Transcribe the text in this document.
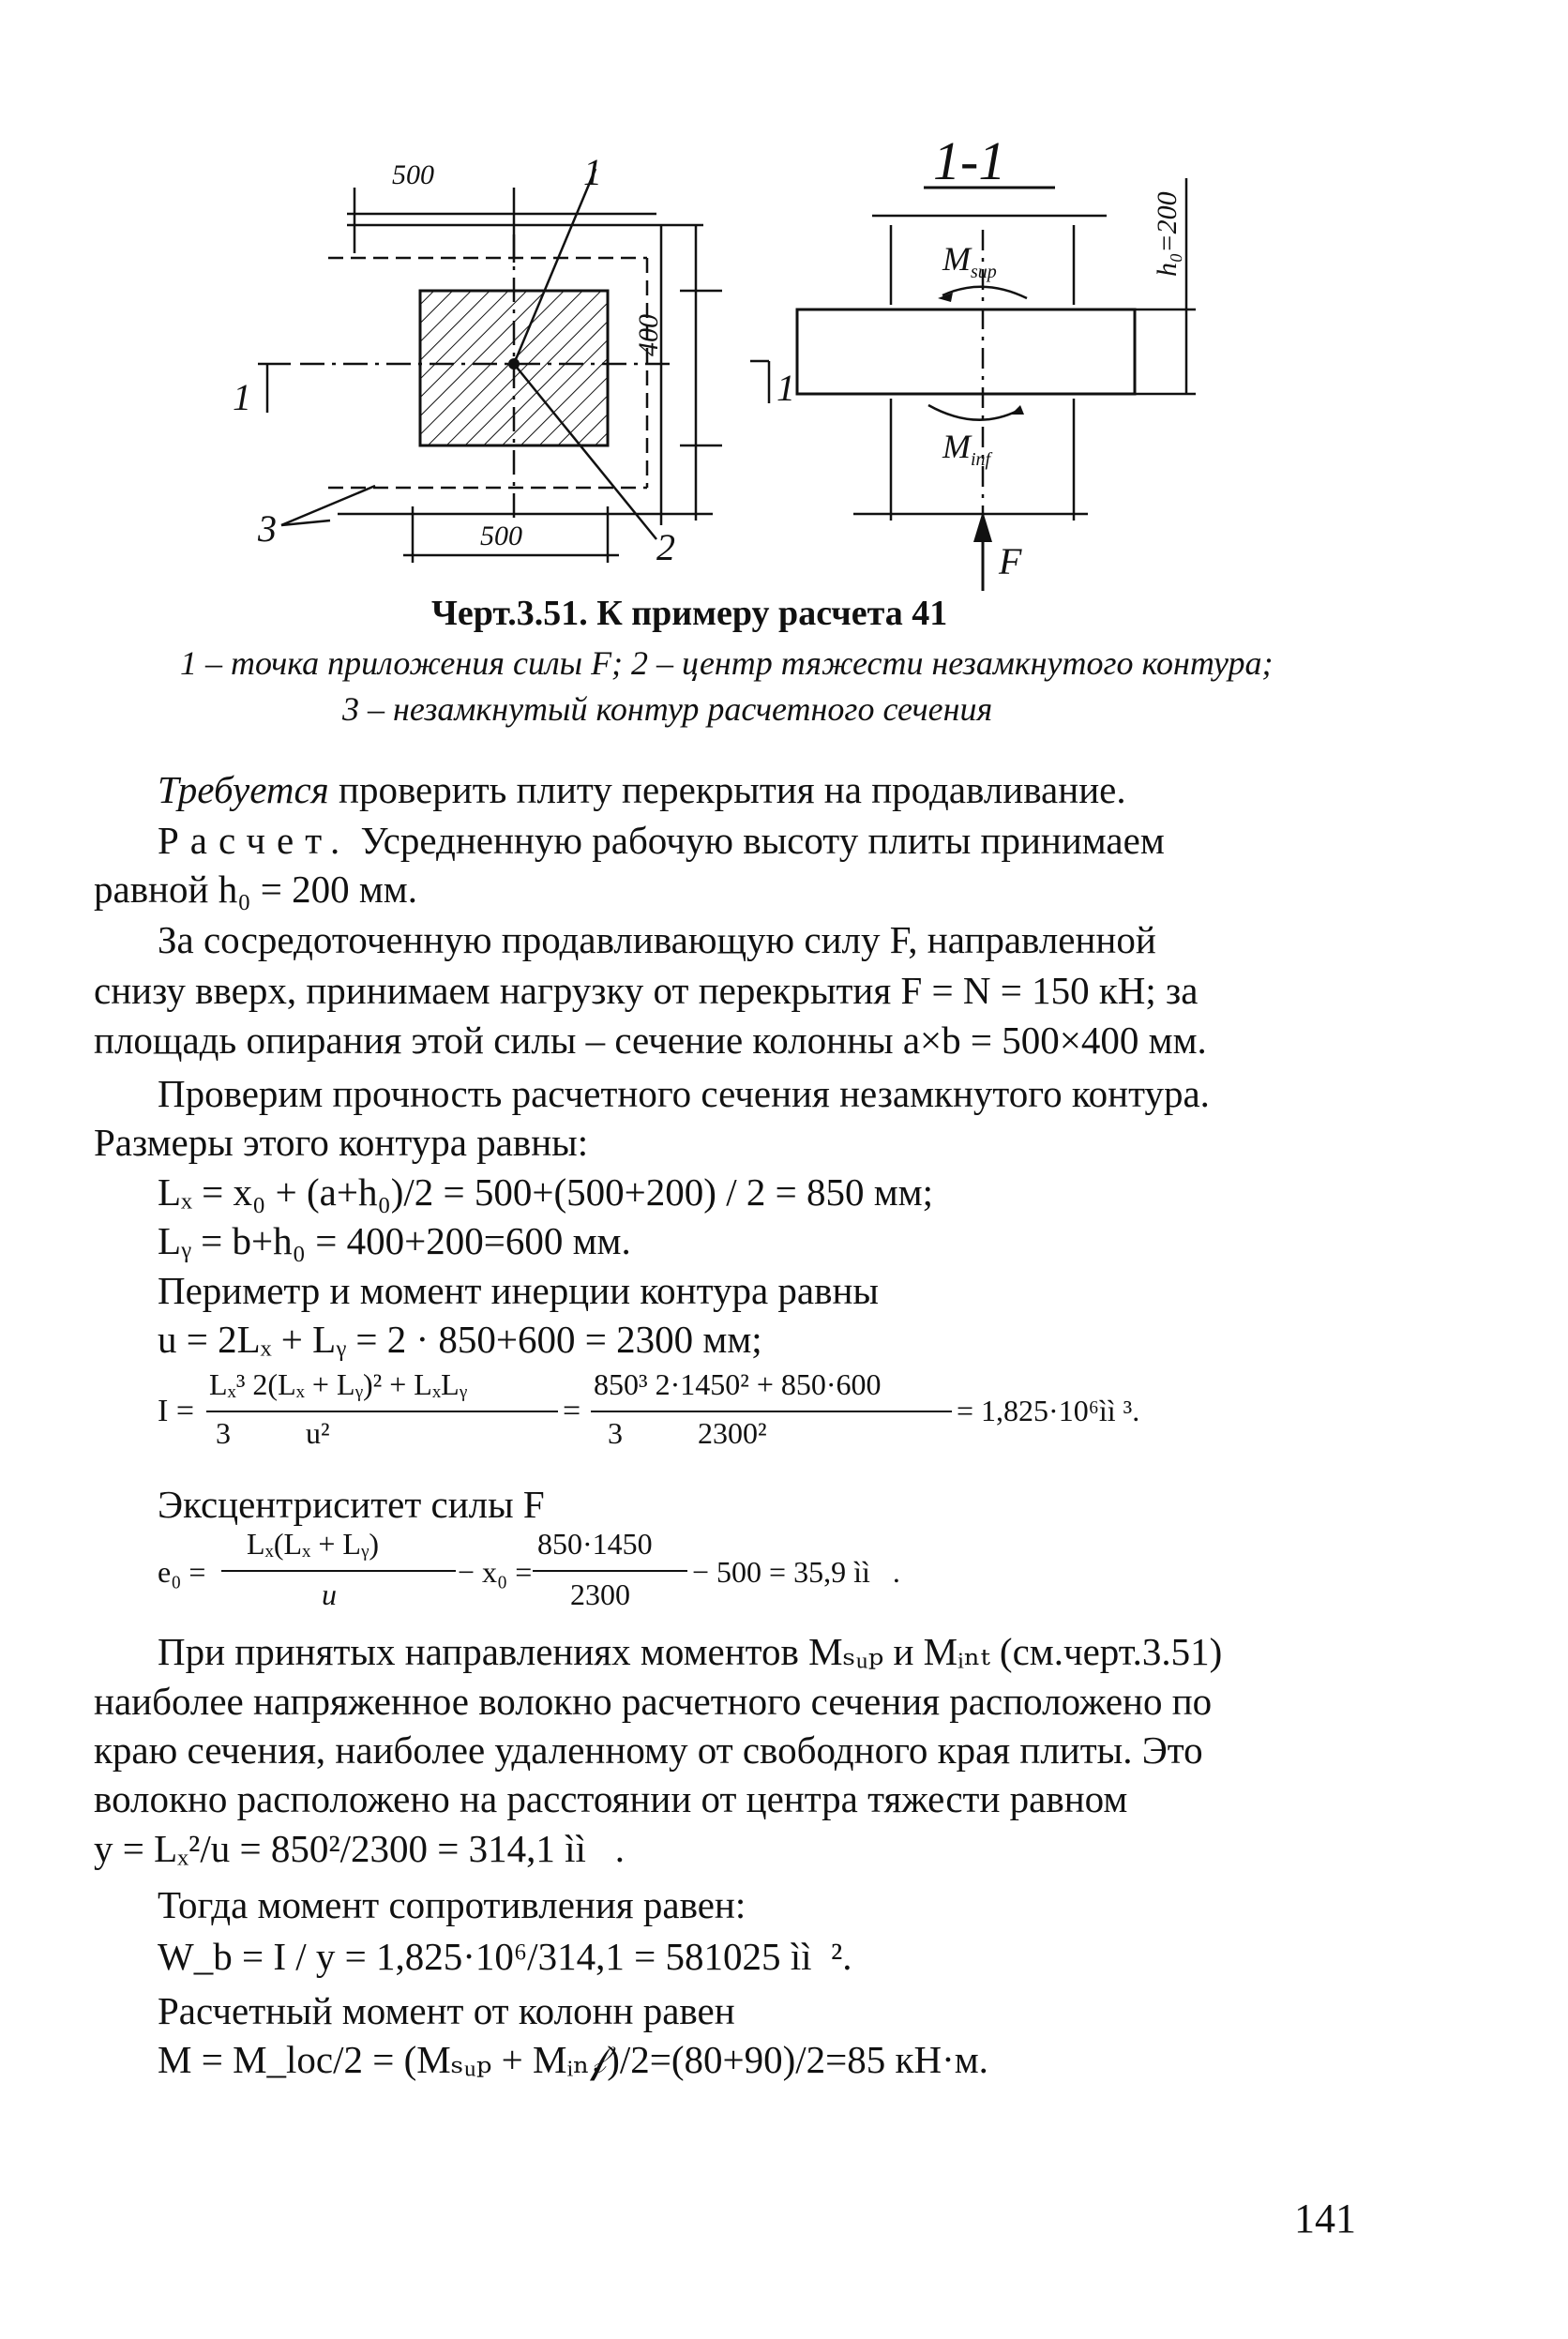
500	1	1-1
400
h₀=200
1	1
$M_{sup}$
$M_{inf}$
3	500	2	F
Черт.3.51. К примеру расчета 41
1 – точка приложения силы F; 2 – центр тяжести незамкнутого контура;
3 – незамкнутый контур расчетного сечения
Требуется проверить плиту перекрытия на продавливание.
Расчет. Усредненную рабочую высоту плиты принимаем
равной h₀ = 200 мм.
За сосредоточенную продавливающую силу F, направленной
снизу вверх, принимаем нагрузку от перекрытия F = N = 150 кН; за
площадь опирания этой силы – сечение колонны a×b = 500×400 мм.
Проверим прочность расчетного сечения незамкнутого контура.
Размеры этого контура равны:
Lₓ = x₀ + (a+h₀)/2 = 500+(500+200) / 2 = 850 мм;
Lᵧ = b+h₀ = 400+200=600 мм.
Периметр и момент инерции контура равны
u = 2Lₓ + Lᵧ = 2 · 850+600 = 2300 мм;
I =
Lₓ³ 2(Lₓ + Lᵧ)² + LₓLᵧ
3          u²
=
850³ 2·1450² + 850·600
3          2300²
= 1,825·10⁶ìì ³.
Эксцентриситет силы F
e₀ =
Lₓ(Lₓ + Lᵧ)
u
− x₀ =
850·1450
2300
− 500 = 35,9 ìì   .
При принятых направлениях моментов Mₛᵤₚ и Mᵢₙₜ (см.черт.3.51)
наиболее напряженное волокно расчетного сечения расположено по
краю сечения, наиболее удаленному от свободного края плиты. Это
волокно расположено на расстоянии от центра тяжести равном
y = Lₓ²/u = 850²/2300 = 314,1 ìì   .
Тогда момент сопротивления равен:
W_b = I / y = 1,825·10⁶/314,1 = 581025 ìì  ².
Расчетный момент от колонн равен
M = M_loc/2 = (Mₛᵤₚ + Mᵢₙ𝒻)/2=(80+90)/2=85 кН·м.
141
